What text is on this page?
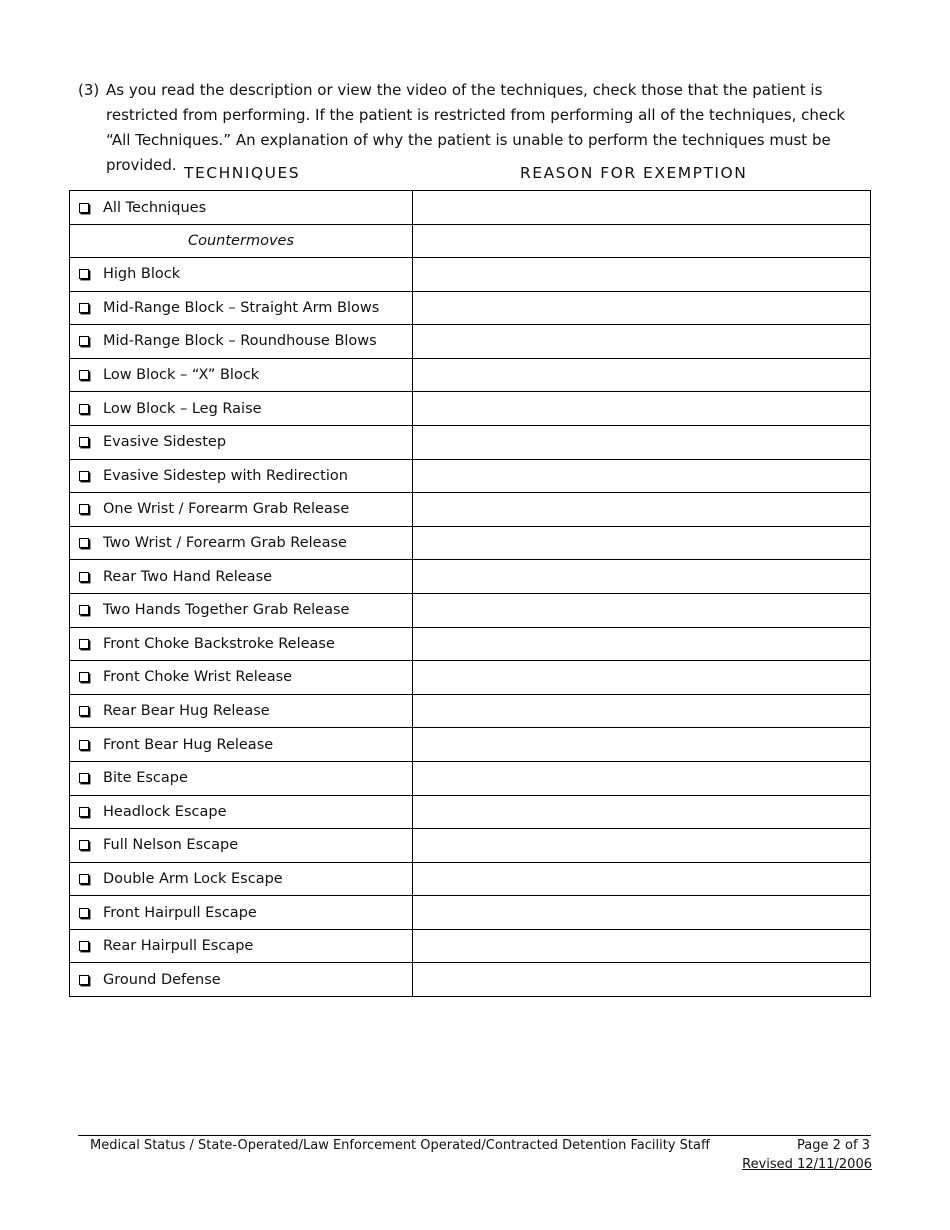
(3) As you read the description or view the video of the techniques, check those that the patient is restricted from performing. If the patient is restricted from performing all of the techniques, check “All Techniques.” An explanation of why the patient is unable to perform the techniques must be provided. TECHNIQUES	REASON FOR EXEMPTION
All Techniques	
Countermoves	
High Block	
Mid-Range Block – Straight Arm Blows	
Mid-Range Block – Roundhouse Blows	
Low Block – “X” Block	
Low Block – Leg Raise	
Evasive Sidestep	
Evasive Sidestep with Redirection	
One Wrist / Forearm Grab Release	
Two Wrist / Forearm Grab Release	
Rear Two Hand Release	
Two Hands Together Grab Release	
Front Choke Backstroke Release	
Front Choke Wrist Release	
Rear Bear Hug Release	
Front Bear Hug Release	
Bite Escape	
Headlock Escape	
Full Nelson Escape	
Double Arm Lock Escape	
Front Hairpull Escape	
Rear Hairpull Escape	
Ground Defense	
Medical Status / State-Operated/Law Enforcement Operated/Contracted Detention Facility Staff	Page 2 of 3
Revised 12/11/2006
